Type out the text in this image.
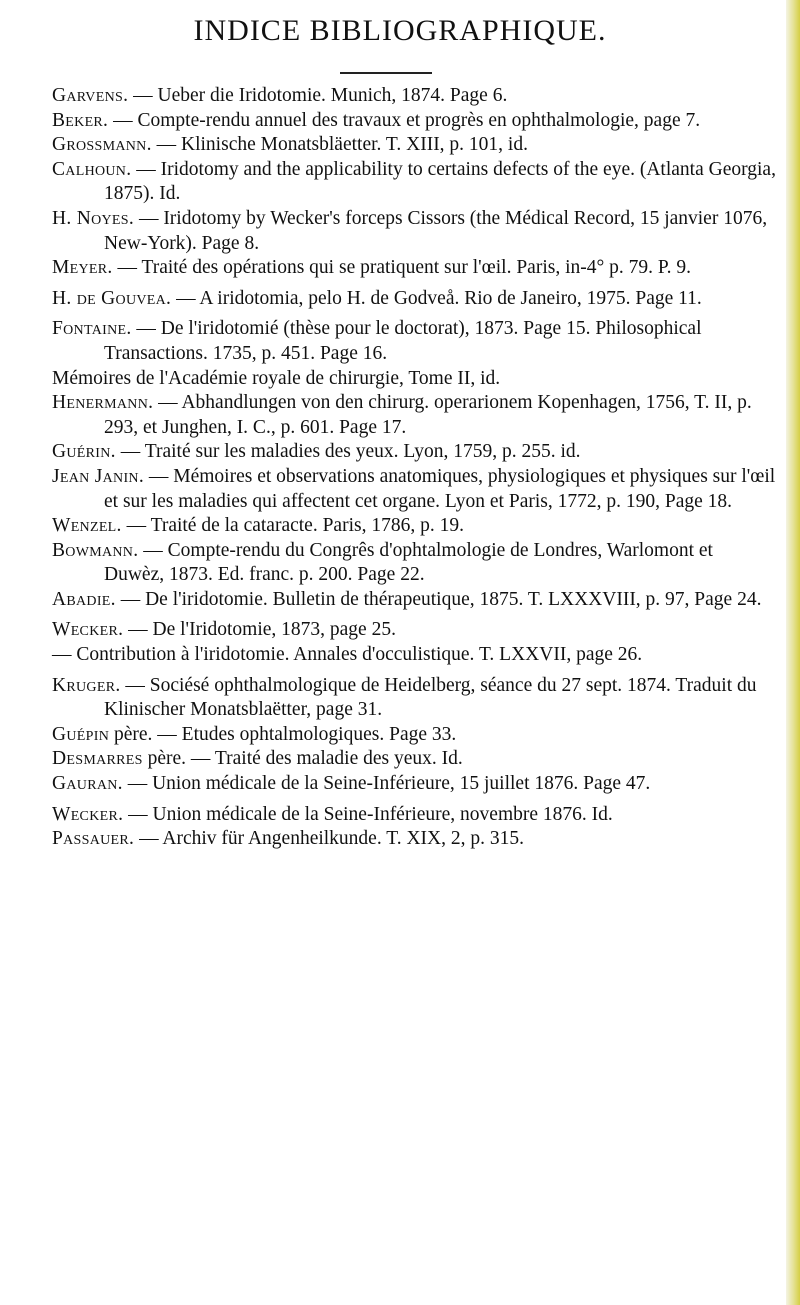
INDICE BIBLIOGRAPHIQUE.
Garvens. — Ueber die Iridotomie. Munich, 1874. Page 6.
Beker. — Compte-rendu annuel des travaux et progrès en ophthalmologie, page 7.
Grossmann. — Klinische Monatsbläetter. T. XIII, p. 101, id.
Calhoun. — Iridotomy and the applicability to certains defects of the eye. (Atlanta Georgia, 1875). Id.
H. Noyes. — Iridotomy by Wecker's forceps Cissors (the Médical Record, 15 janvier 1076, New-York). Page 8.
Meyer. — Traité des opérations qui se pratiquent sur l'œil. Paris, in-4° p. 79. P. 9.
H. de Gouvea. — A iridotomia, pelo H. de Godveå. Rio de Janeiro, 1975. Page 11.
Fontaine. — De l'iridotomié (thèse pour le doctorat), 1873. Page 15. Philosophical Transactions. 1735, p. 451. Page 16.
Mémoires de l'Académie royale de chirurgie, Tome II, id.
Henermann. — Abhandlungen von den chirurg. operarionem Kopenhagen, 1756, T. II, p. 293, et Junghen, I. C., p. 601. Page 17.
Guérin. — Traité sur les maladies des yeux. Lyon, 1759, p. 255. id.
Jean Janin. — Mémoires et observations anatomiques, physiologiques et physiques sur l'œil et sur les maladies qui affectent cet organe. Lyon et Paris, 1772, p. 190, Page 18.
Wenzel. — Traité de la cataracte. Paris, 1786, p. 19.
Bowmann. — Compte-rendu du Congrês d'ophtalmologie de Londres, Warlomont et Duwèz, 1873. Ed. franc. p. 200. Page 22.
Abadie. — De l'iridotomie. Bulletin de thérapeutique, 1875. T. LXXXVIII, p. 97, Page 24.
Wecker. — De l'Iridotomie, 1873, page 25.
— Contribution à l'iridotomie. Annales d'occulistique. T. LXXVII, page 26.
Kruger. — Sociésé ophthalmologique de Heidelberg, séance du 27 sept. 1874. Traduit du Klinischer Monatsblaëtter, page 31.
Guépin père. — Etudes ophtalmologiques. Page 33.
Desmarres père. — Traité des maladie des yeux. Id.
Gauran. — Union médicale de la Seine-Inférieure, 15 juillet 1876. Page 47.
Wecker. — Union médicale de la Seine-Inférieure, novembre 1876. Id.
Passauer. — Archiv für Angenheilkunde. T. XIX, 2, p. 315.
